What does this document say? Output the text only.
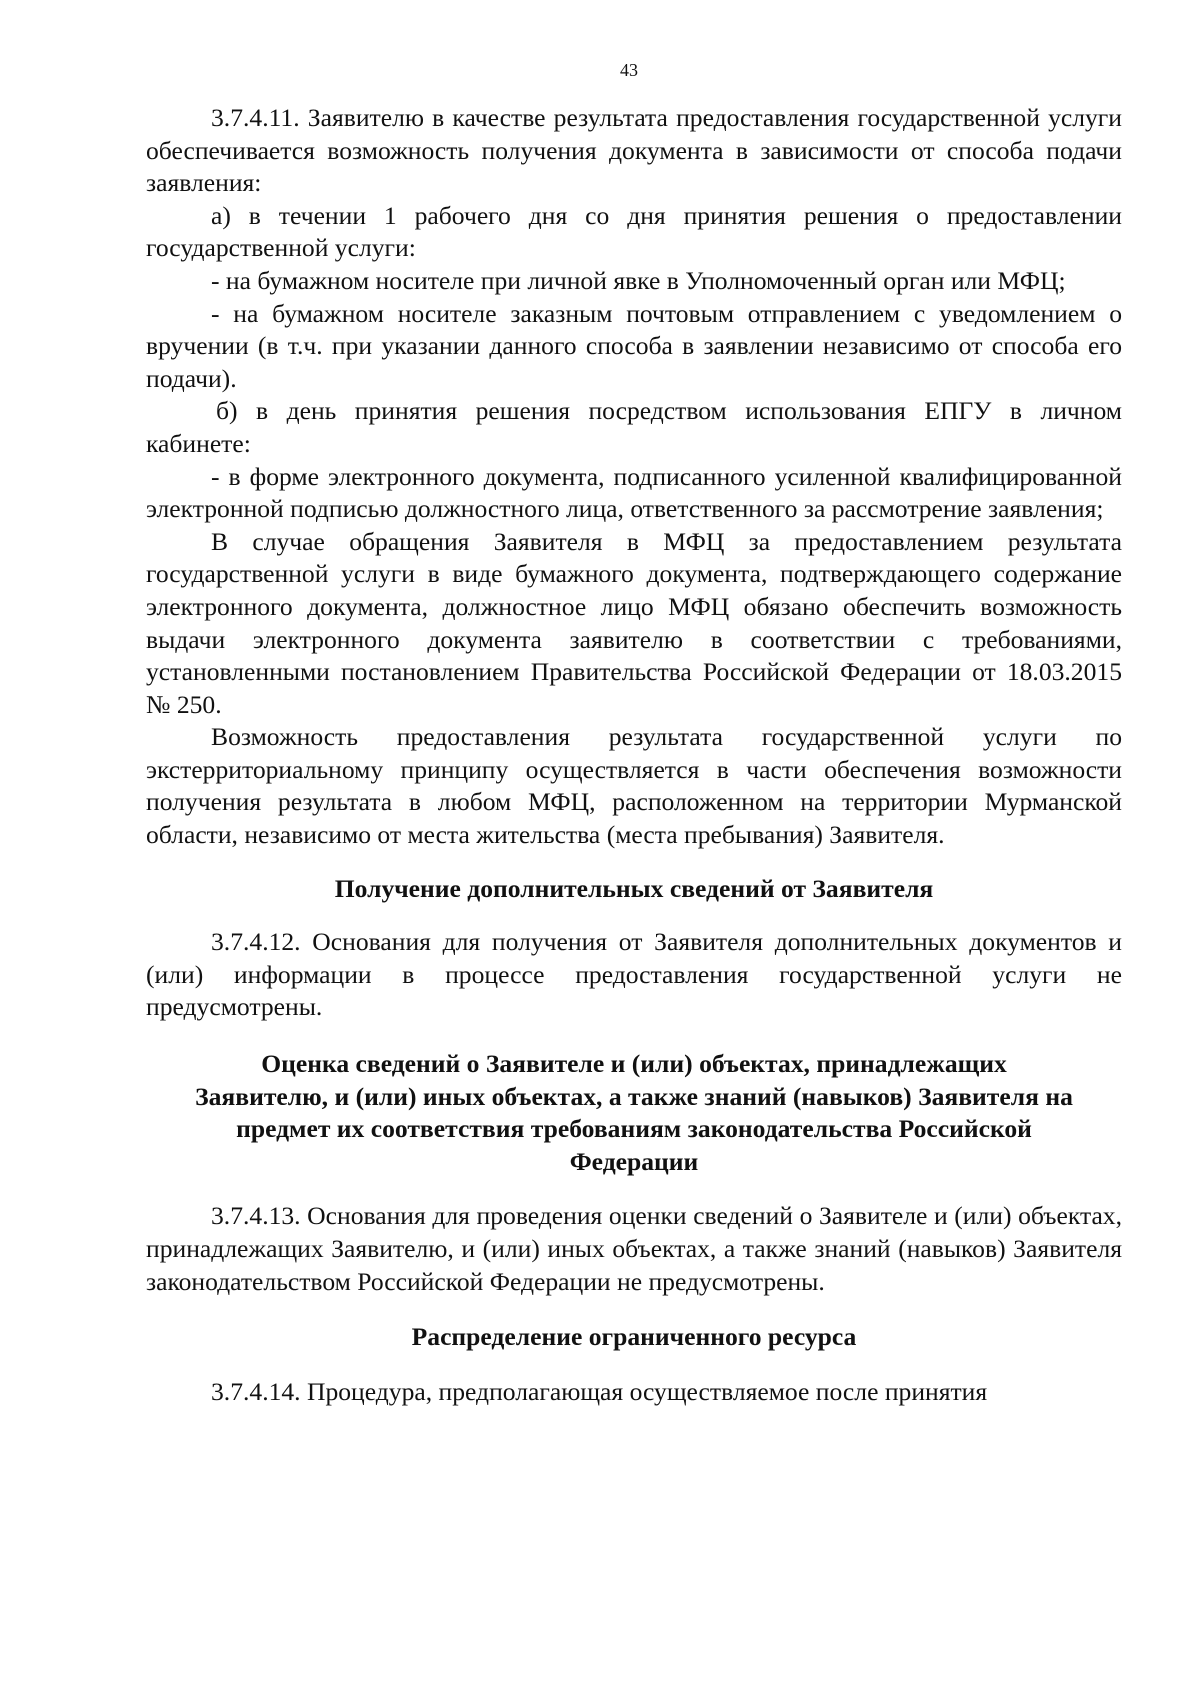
43

3.7.4.11. Заявителю в качестве результата предоставления государственной услуги обеспечивается возможность получения документа в зависимости от способа подачи заявления:

а) в течении 1 рабочего дня со дня принятия решения о предоставлении государственной услуги:

- на бумажном носителе при личной явке в Уполномоченный орган или МФЦ;

- на бумажном носителе заказным почтовым отправлением с уведомлением о вручении (в т.ч. при указании данного способа в заявлении независимо от способа его подачи).

б) в день принятия решения посредством использования ЕПГУ в личном кабинете:

- в форме электронного документа, подписанного усиленной квалифицированной электронной подписью должностного лица, ответственного за рассмотрение заявления;

В случае обращения Заявителя в МФЦ за предоставлением результата государственной услуги в виде бумажного документа, подтверждающего содержание электронного документа, должностное лицо МФЦ обязано обеспечить возможность выдачи электронного документа заявителю в соответствии с требованиями, установленными постановлением Правительства Российской Федерации от 18.03.2015 № 250.

Возможность предоставления результата государственной услуги по экстерриториальному принципу осуществляется в части обеспечения возможности получения результата в любом МФЦ, расположенном на территории Мурманской области, независимо от места жительства (места пребывания) Заявителя.

Получение дополнительных сведений от Заявителя

3.7.4.12. Основания для получения от Заявителя дополнительных документов и (или) информации в процессе предоставления государственной услуги не предусмотрены.

Оценка сведений о Заявителе и (или) объектах, принадлежащих
Заявителю, и (или) иных объектах, а также знаний (навыков) Заявителя на
предмет их соответствия требованиям законодательства Российской
Федерации

3.7.4.13. Основания для проведения оценки сведений о Заявителе и (или) объектах, принадлежащих Заявителю, и (или) иных объектах, а также знаний (навыков) Заявителя законодательством Российской Федерации не предусмотрены.

Распределение ограниченного ресурса

3.7.4.14. Процедура, предполагающая осуществляемое после принятия
